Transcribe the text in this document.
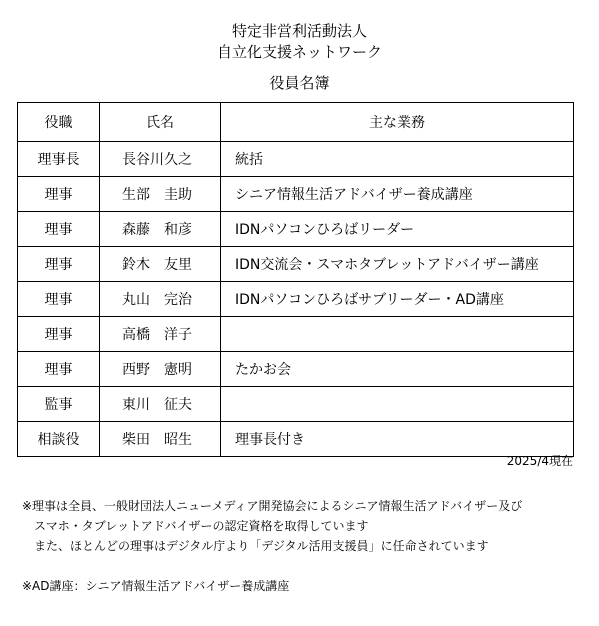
特定非営利活動法人
自立化支援ネットワーク
役員名簿
役職	氏名	主な業務
理事長	長谷川久之	統括
理事	生部　圭助	シニア情報生活アドバイザー養成講座
理事	森藤　和彦	IDNパソコンひろばリーダー
理事	鈴木　友里	IDN交流会・スマホタブレットアドバイザー講座
理事	丸山　完治	IDNパソコンひろばサブリーダー・AD講座
理事	高橋　洋子	
理事	西野　憲明	たかお会
監事	東川　征夫	
相談役	柴田　昭生	理事長付き
2025/4現在
※理事は全員、一般財団法人ニューメディア開発協会によるシニア情報生活アドバイザー及び
スマホ・タブレットアドバイザーの認定資格を取得しています
また、ほとんどの理事はデジタル庁より「デジタル活用支援員」に任命されています
※AD講座：シニア情報生活アドバイザー養成講座
